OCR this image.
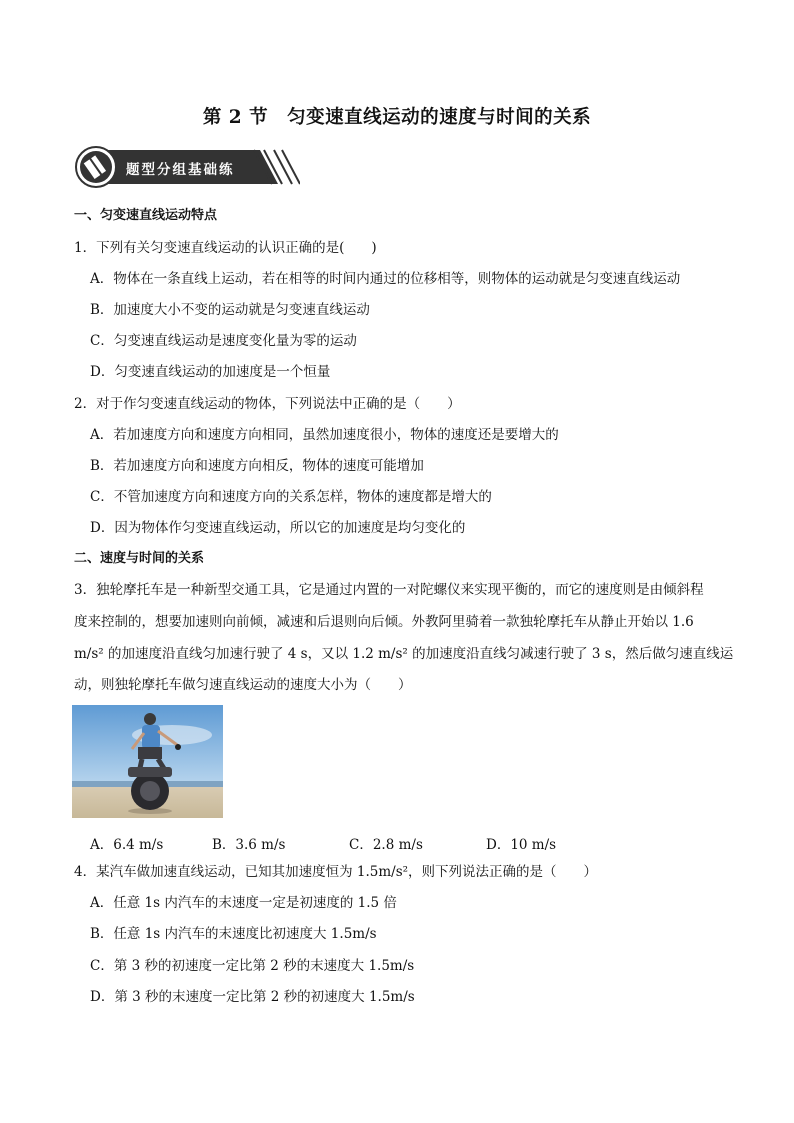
第 2 节　匀变速直线运动的速度与时间的关系
题型分组基础练
一、匀变速直线运动特点
1．下列有关匀变速直线运动的认识正确的是(　　)
A．物体在一条直线上运动，若在相等的时间内通过的位移相等，则物体的运动就是匀变速直线运动
B．加速度大小不变的运动就是匀变速直线运动
C．匀变速直线运动是速度变化量为零的运动
D．匀变速直线运动的加速度是一个恒量
2．对于作匀变速直线运动的物体，下列说法中正确的是（　　）
A．若加速度方向和速度方向相同，虽然加速度很小，物体的速度还是要增大的
B．若加速度方向和速度方向相反，物体的速度可能增加
C．不管加速度方向和速度方向的关系怎样，物体的速度都是增大的
D．因为物体作匀变速直线运动，所以它的加速度是均匀变化的
二、速度与时间的关系
3．独轮摩托车是一种新型交通工具，它是通过内置的一对陀螺仪来实现平衡的，而它的速度则是由倾斜程
度来控制的，想要加速则向前倾，减速和后退则向后倾。外教阿里骑着一款独轮摩托车从静止开始以 1.6
m/s² 的加速度沿直线匀加速行驶了 4 s，又以 1.2 m/s² 的加速度沿直线匀减速行驶了 3 s，然后做匀速直线运
动，则独轮摩托车做匀速直线运动的速度大小为（　　）
A．6.4 m/s	B．3.6 m/s	C．2.8 m/s	D．10 m/s
4．某汽车做加速直线运动，已知其加速度恒为 1.5m/s²，则下列说法正确的是（　　）
A．任意 1s 内汽车的末速度一定是初速度的 1.5 倍
B．任意 1s 内汽车的末速度比初速度大 1.5m/s
C．第 3 秒的初速度一定比第 2 秒的末速度大 1.5m/s
D．第 3 秒的末速度一定比第 2 秒的初速度大 1.5m/s
